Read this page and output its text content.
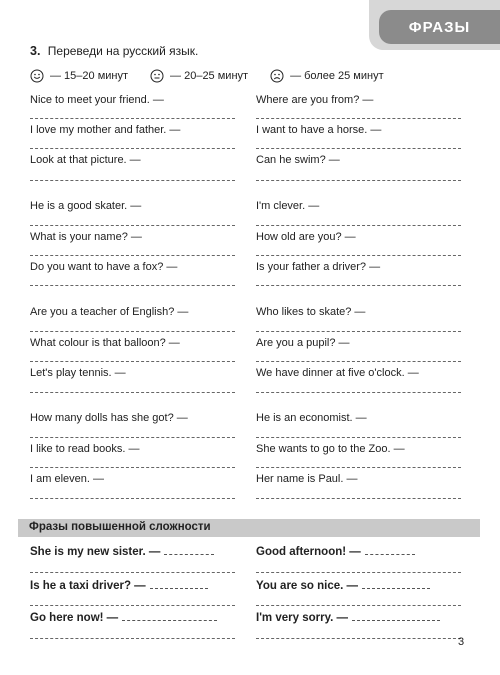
ФРАЗЫ
3. Переведи на русский язык.
— 15–20 минут	— 20–25 минут	— более 25 минут
Nice to meet your friend. —
I love my mother and father. —
Look at that picture. —
He is a good skater. —
What is your name? —
Do you want to have a fox? —
Are you a teacher of English? —
What colour is that balloon? —
Let's play tennis. —
How many dolls has she got? —
I like to read books. —
I am eleven. —
Where are you from? —
I want to have a horse. —
Can he swim? —
I'm clever. —
How old are you? —
Is your father a driver? —
Who likes to skate? —
Are you a pupil? —
We have dinner at five o'clock. —
He is an economist. —
She wants to go to the Zoo. —
Her name is Paul. —
Фразы повышенной сложности
She is my new sister. —
Is he a taxi driver? —
Go here now! —
Good afternoon! —
You are so nice. —
I'm very sorry. —
3
